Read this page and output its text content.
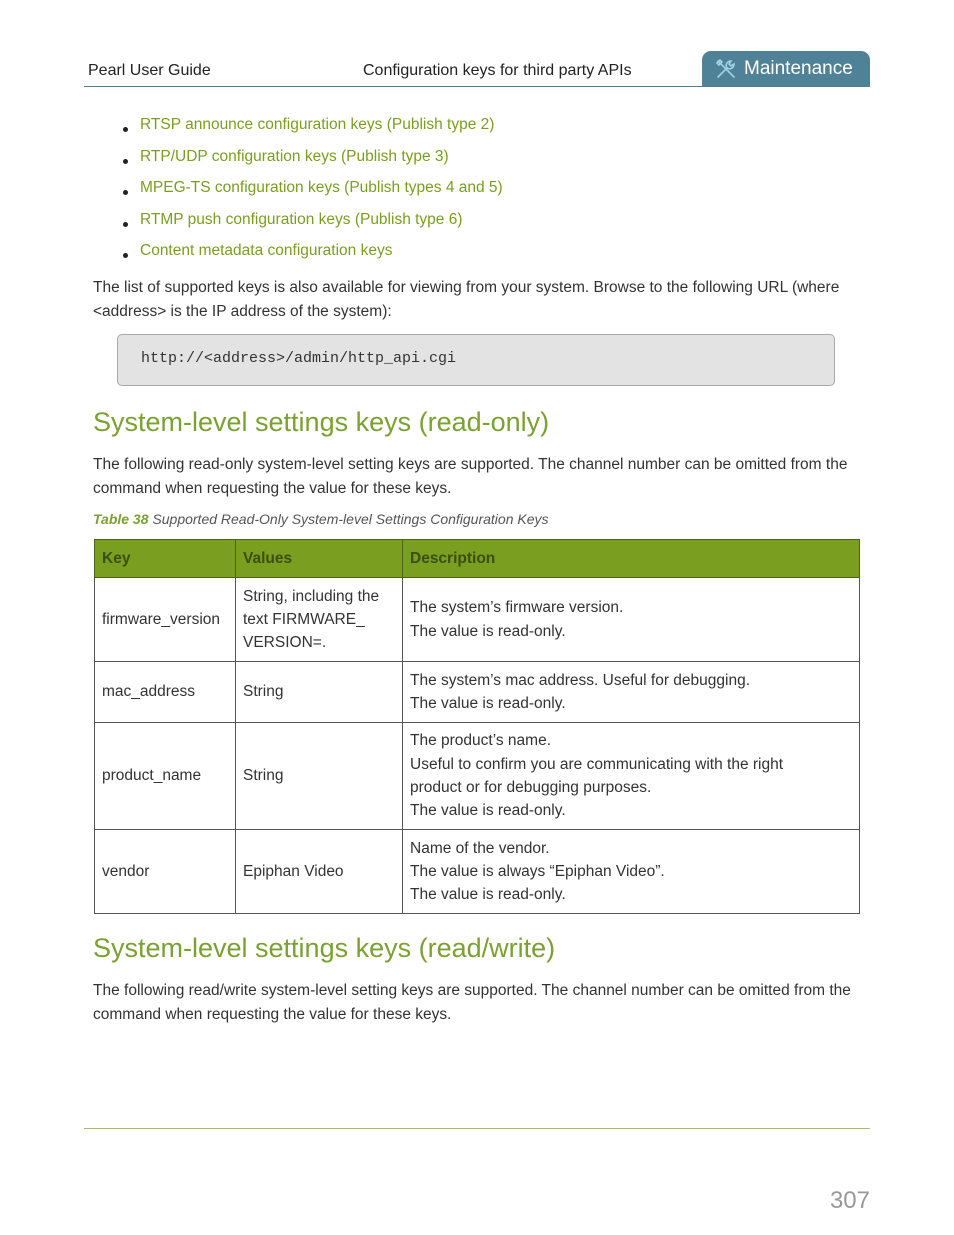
Pearl User Guide	Configuration keys for third party APIs	Maintenance
RTSP announce configuration keys (Publish type 2)
RTP/UDP configuration keys (Publish type 3)
MPEG-TS configuration keys (Publish types 4 and 5)
RTMP push configuration keys (Publish type 6)
Content metadata configuration keys

The list of supported keys is also available for viewing from your system. Browse to the following URL (where <address> is the IP address of the system):

http://<address>/admin/http_api.cgi
System-level settings keys (read-only)

The following read-only system-level setting keys are supported. The channel number can be omitted from the command when requesting the value for these keys.

Table 38 Supported Read-Only System-level Settings Configuration Keys
Key	Values	Description
firmware_version	String, including the
text FIRMWARE_
VERSION=.	The system’s firmware version.
The value is read-only.

mac_address	String	The system’s mac address. Useful for debugging.
The value is read-only.

product_name	String	The product’s name.
Useful to confirm you are communicating with the right
product or for debugging purposes.
The value is read-only.

vendor	Epiphan Video	Name of the vendor.
The value is always “Epiphan Video”.
The value is read-only.
System-level settings keys (read/write)

The following read/write system-level setting keys are supported. The channel number can be omitted from the command when requesting the value for these keys.

307
